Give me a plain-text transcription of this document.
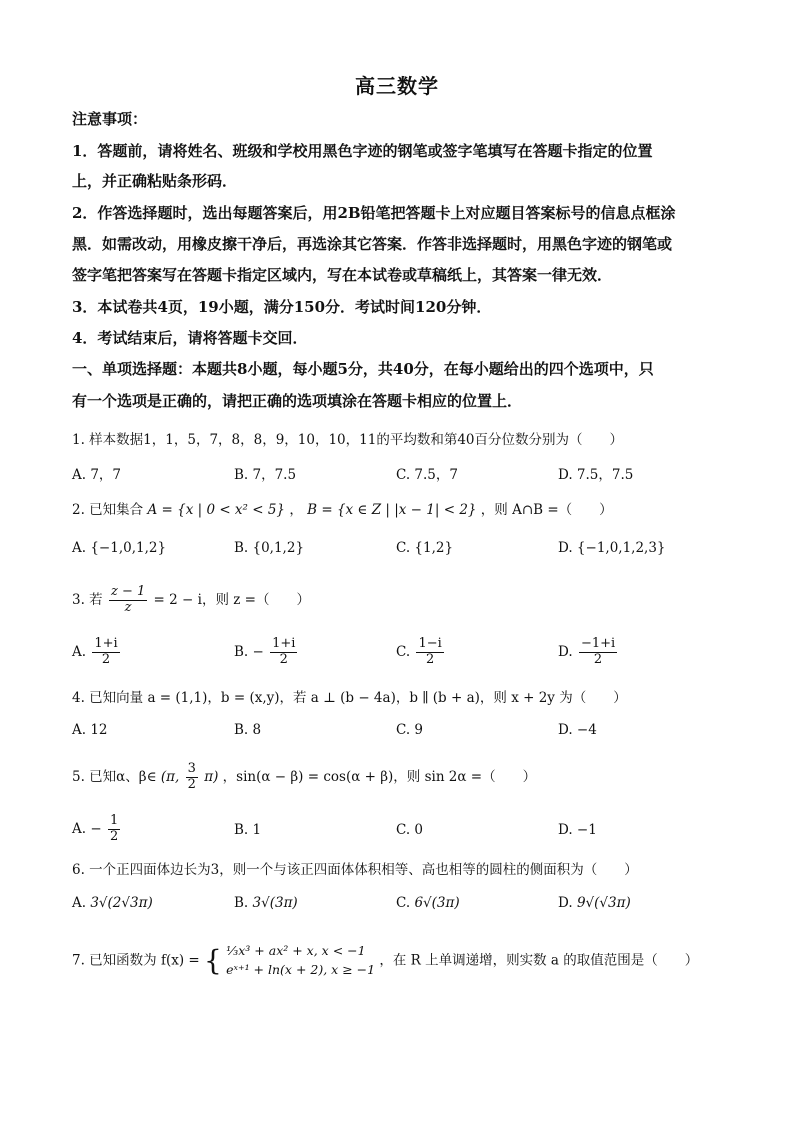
高三数学
注意事项：
1．答题前，请将姓名、班级和学校用黑色字迹的钢笔或签字笔填写在答题卡指定的位置
上，并正确粘贴条形码．
2．作答选择题时，选出每题答案后，用2B铅笔把答题卡上对应题目答案标号的信息点框涂
黑．如需改动，用橡皮擦干净后，再选涂其它答案．作答非选择题时，用黑色字迹的钢笔或
签字笔把答案写在答题卡指定区域内，写在本试卷或草稿纸上，其答案一律无效．
3．本试卷共4页，19小题，满分150分．考试时间120分钟．
4．考试结束后，请将答题卡交回．
一、单项选择题：本题共8小题，每小题5分，共40分，在每小题给出的四个选项中，只
有一个选项是正确的，请把正确的选项填涂在答题卡相应的位置上．
1. 样本数据1，1，5，7，8，8，9，10，10，11的平均数和第40百分位数分别为（　　）
A. 7，7	B. 7，7.5	C. 7.5，7	D. 7.5，7.5
2. 已知集合 A = {x | 0 < x² < 5} ， B = {x ∈ Z | |x − 1| < 2} ，则 A∩B =（　　）
A. {−1,0,1,2}	B. {0,1,2}	C. {1,2}	D. {−1,0,1,2,3}
3. 若 $\frac{z - 1}{z} = 2 - i$，则 z =（　　）
A. $\frac{1+i}{2}$	B. − $\frac{1+i}{2}$	C. $\frac{1-i}{2}$	D. $\frac{-1+i}{2}$
4. 已知向量 a = (1,1)，b = (x,y)，若 a ⊥ (b − 4a)，b ∥ (b + a)，则 x + 2y 为（　　）
A. 12	B. 8	C. 9	D. −4
5. 已知α、β∈ (π, $\frac{3}{2} \pi$) ，sin(α − β) = cos(α + β)，则 sin 2α =（　　）
A. − $\frac{1}{2}$	B. 1	C. 0	D. −1
6. 一个正四面体边长为3，则一个与该正四面体体积相等、高也相等的圆柱的侧面积为（　　）
A. 3√(2√3π)	B. 3√(3π)	C. 6√(3π)	D. 9√(√3π)
7. 已知函数为 f(x) = { ⅓x³ + ax² + x, x < −1
eˣ⁺¹ + ln(x + 2), x ≥ −1
，在 R 上单调递增，则实数 a 的取值范围是（　　）
